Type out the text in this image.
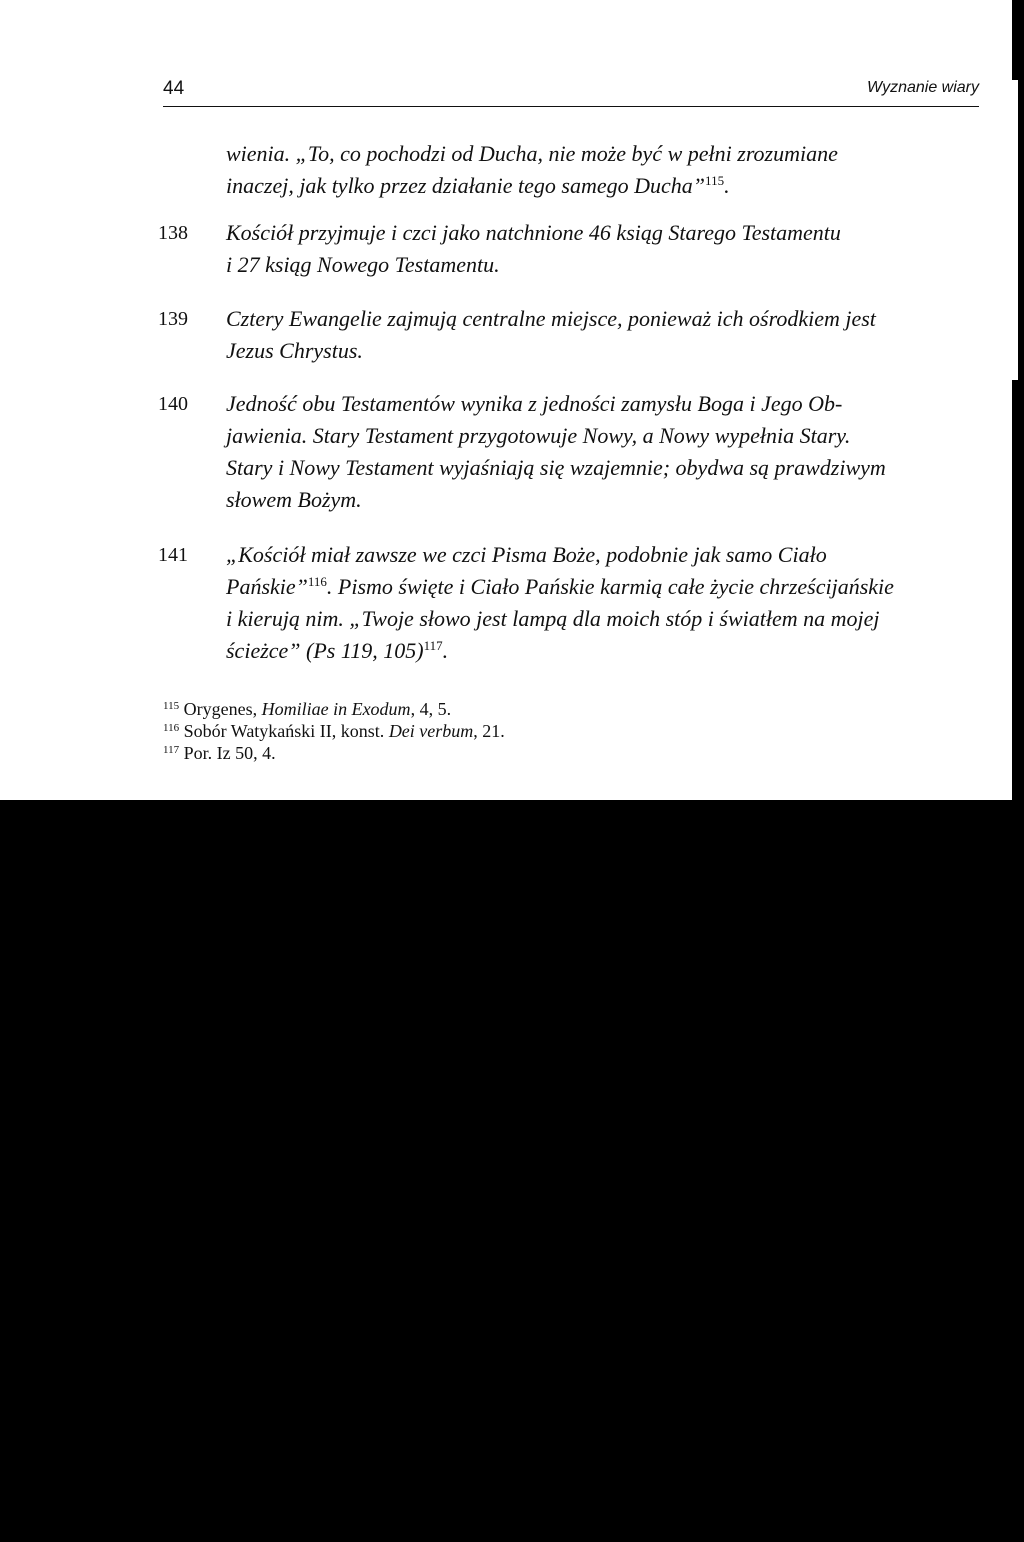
44	Wyznanie wiary
wienia. „To, co pochodzi od Ducha, nie może być w pełni zrozumiane
inaczej, jak tylko przez działanie tego samego Ducha”$^{115}$.
138	Kościół przyjmuje i czci jako natchnione 46 ksiąg Starego Testamentu
i 27 ksiąg Nowego Testamentu.
139	Cztery Ewangelie zajmują centralne miejsce, ponieważ ich ośrodkiem jest
Jezus Chrystus.
140	Jedność obu Testamentów wynika z jedności zamysłu Boga i Jego Ob-
jawienia. Stary Testament przygotowuje Nowy, a Nowy wypełnia Stary.
Stary i Nowy Testament wyjaśniają się wzajemnie; obydwa są prawdziwym
słowem Bożym.
141	„Kościół miał zawsze we czci Pisma Boże, podobnie jak samo Ciało
Pańskie”$^{116}$. Pismo święte i Ciało Pańskie karmią całe życie chrześcijańskie
i kierują nim. „Twoje słowo jest lampą dla moich stóp i światłem na mojej
ścieżce” (Ps 119, 105)$^{117}$.
$^{115}$ Orygenes, Homiliae in Exodum, 4, 5.
$^{116}$ Sobór Watykański II, konst. Dei verbum, 21.
$^{117}$ Por. Iz 50, 4.
